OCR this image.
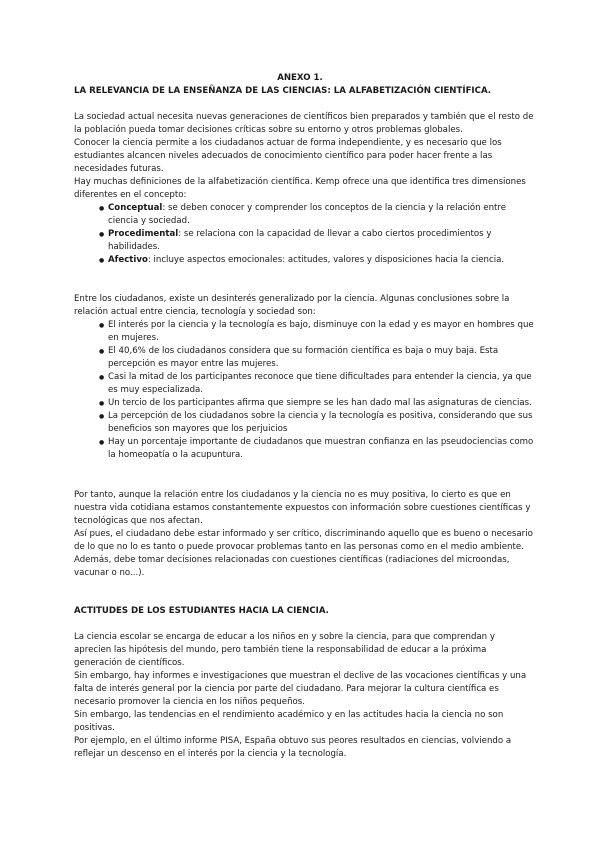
ANEXO 1.
LA RELEVANCIA DE LA ENSEÑANZA DE LAS CIENCIAS: LA ALFABETIZACIÓN CIENTÍFICA.

La sociedad actual necesita nuevas generaciones de científicos bien preparados y también que el resto de la población pueda tomar decisiones críticas sobre su entorno y otros problemas globales.

Conocer la ciencia permite a los ciudadanos actuar de forma independiente, y es necesario que los estudiantes alcancen niveles adecuados de conocimiento científico para poder hacer frente a las necesidades futuras.

Hay muchas definiciones de la alfabetización científica. Kemp ofrece una que identifica tres dimensiones diferentes en el concepto:

● Conceptual: se deben conocer y comprender los conceptos de la ciencia y la relación entre ciencia y sociedad.
● Procedimental: se relaciona con la capacidad de llevar a cabo ciertos procedimientos y habilidades.
● Afectivo: incluye aspectos emocionales: actitudes, valores y disposiciones hacia la ciencia.

Entre los ciudadanos, existe un desinterés generalizado por la ciencia. Algunas conclusiones sobre la relación actual entre ciencia, tecnología y sociedad son:

● El interés por la ciencia y la tecnología es bajo, disminuye con la edad y es mayor en hombres que en mujeres.
● El 40,6% de los ciudadanos considera que su formación científica es baja o muy baja. Esta percepción es mayor entre las mujeres.
● Casi la mitad de los participantes reconoce que tiene dificultades para entender la ciencia, ya que es muy especializada.
● Un tercio de los participantes afirma que siempre se les han dado mal las asignaturas de ciencias.
● La percepción de los ciudadanos sobre la ciencia y la tecnología es positiva, considerando que sus beneficios son mayores que los perjuicios
● Hay un porcentaje importante de ciudadanos que muestran confianza en las pseudociencias como la homeopatía o la acupuntura.

Por tanto, aunque la relación entre los ciudadanos y la ciencia no es muy positiva, lo cierto es que en nuestra vida cotidiana estamos constantemente expuestos con información sobre cuestiones científicas y tecnológicas que nos afectan.

Así pues, el ciudadano debe estar informado y ser crítico, discriminando aquello que es bueno o necesario de lo que no lo es tanto o puede provocar problemas tanto en las personas como en el medio ambiente.

Además, debe tomar decisiones relacionadas con cuestiones científicas (radiaciones del microondas, vacunar o no...).

ACTITUDES DE LOS ESTUDIANTES HACIA LA CIENCIA.

La ciencia escolar se encarga de educar a los niños en y sobre la ciencia, para que comprendan y aprecien las hipótesis del mundo, pero también tiene la responsabilidad de educar a la próxima generación de científicos.

Sin embargo, hay informes e investigaciones que muestran el declive de las vocaciones científicas y una falta de interés general por la ciencia por parte del ciudadano. Para mejorar la cultura científica es necesario promover la ciencia en los niños pequeños.

Sin embargo, las tendencias en el rendimiento académico y en las actitudes hacia la ciencia no son positivas.

Por ejemplo, en el último informe PISA, España obtuvo sus peores resultados en ciencias, volviendo a reflejar un descenso en el interés por la ciencia y la tecnología.
